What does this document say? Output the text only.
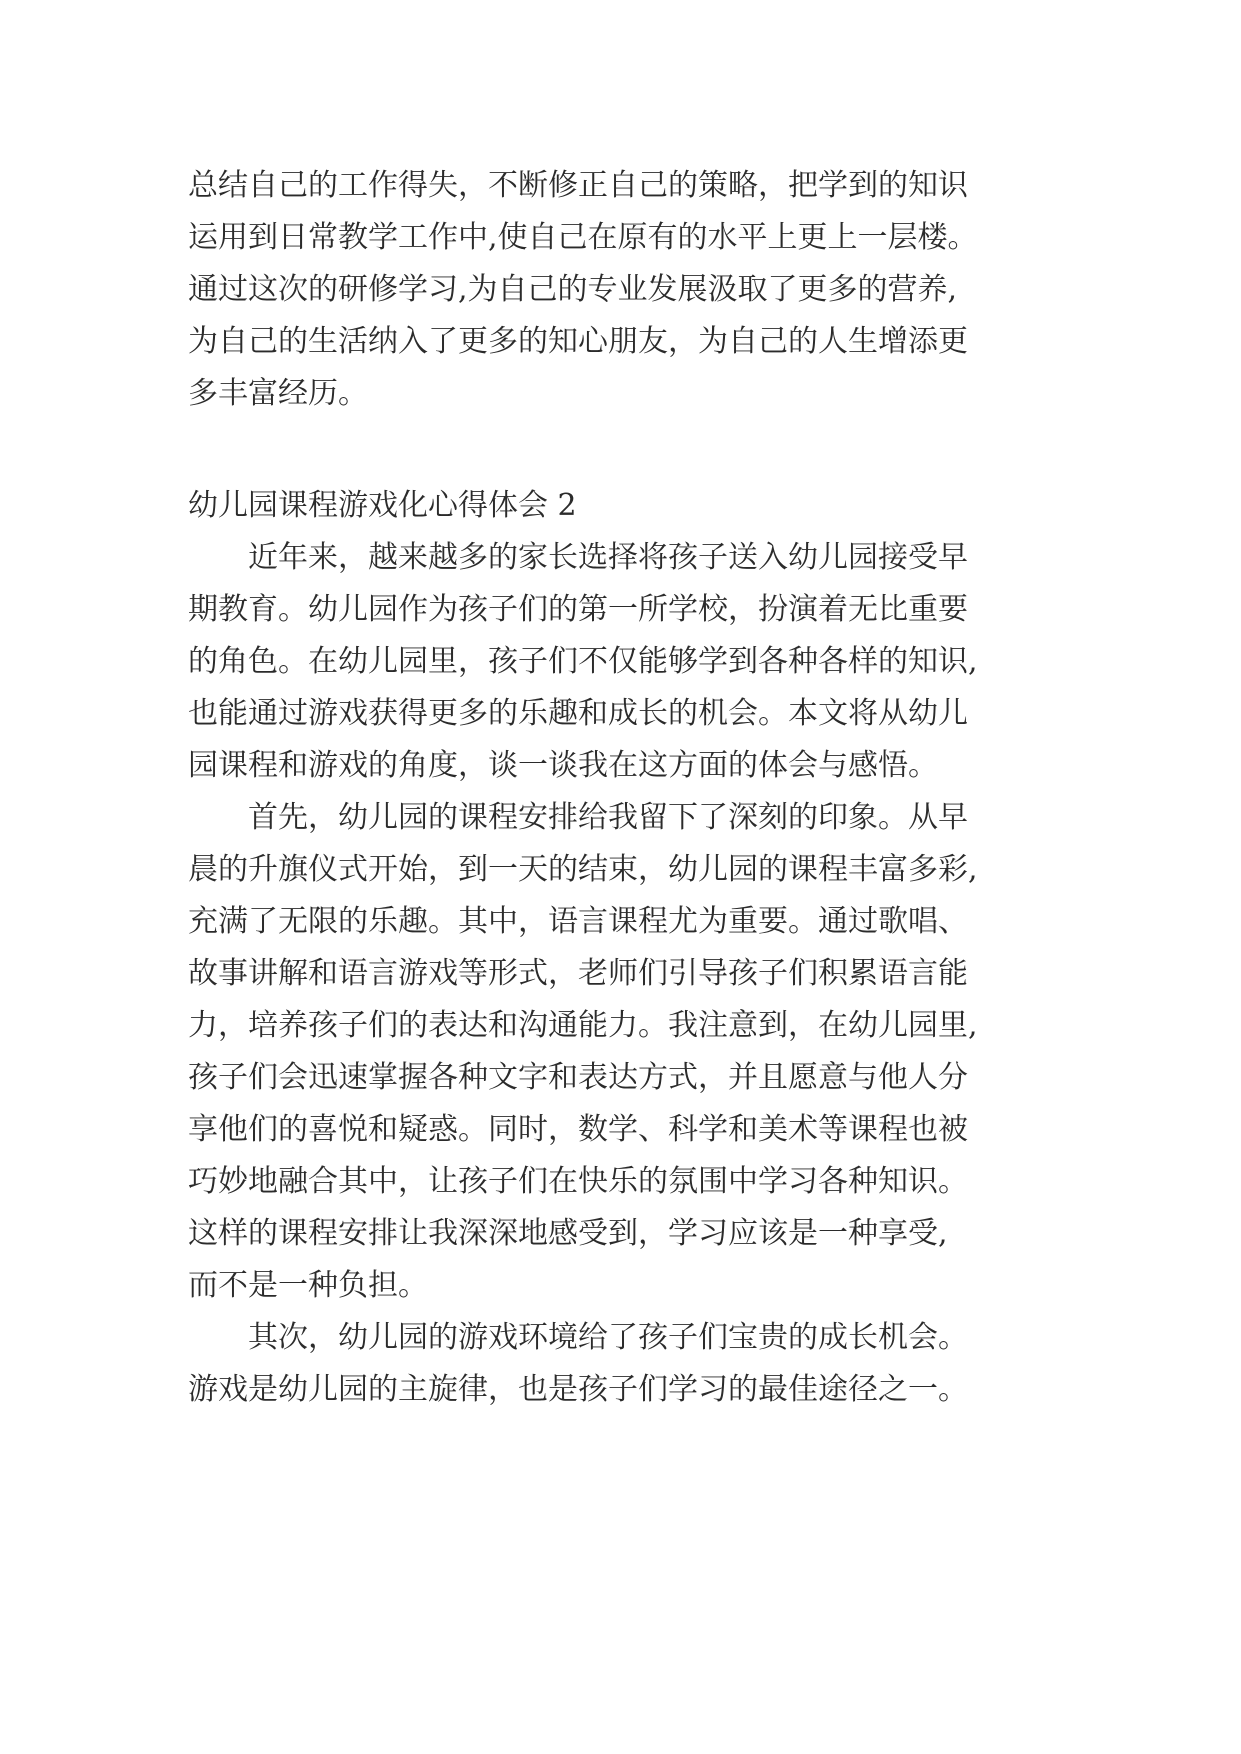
总结自己的工作得失，不断修正自己的策略，把学到的知识
运用到日常教学工作中,使自己在原有的水平上更上一层楼。
通过这次的研修学习,为自己的专业发展汲取了更多的营养,
为自己的生活纳入了更多的知心朋友，为自己的人生增添更
多丰富经历。
幼儿园课程游戏化心得体会 2
近年来，越来越多的家长选择将孩子送入幼儿园接受早
期教育。幼儿园作为孩子们的第一所学校，扮演着无比重要
的角色。在幼儿园里，孩子们不仅能够学到各种各样的知识,
也能通过游戏获得更多的乐趣和成长的机会。本文将从幼儿
园课程和游戏的角度，谈一谈我在这方面的体会与感悟。
首先，幼儿园的课程安排给我留下了深刻的印象。从早
晨的升旗仪式开始，到一天的结束，幼儿园的课程丰富多彩,
充满了无限的乐趣。其中，语言课程尤为重要。通过歌唱、
故事讲解和语言游戏等形式，老师们引导孩子们积累语言能
力，培养孩子们的表达和沟通能力。我注意到，在幼儿园里,
孩子们会迅速掌握各种文字和表达方式，并且愿意与他人分
享他们的喜悦和疑惑。同时，数学、科学和美术等课程也被
巧妙地融合其中，让孩子们在快乐的氛围中学习各种知识。
这样的课程安排让我深深地感受到，学习应该是一种享受,
而不是一种负担。
其次，幼儿园的游戏环境给了孩子们宝贵的成长机会。
游戏是幼儿园的主旋律，也是孩子们学习的最佳途径之一。
